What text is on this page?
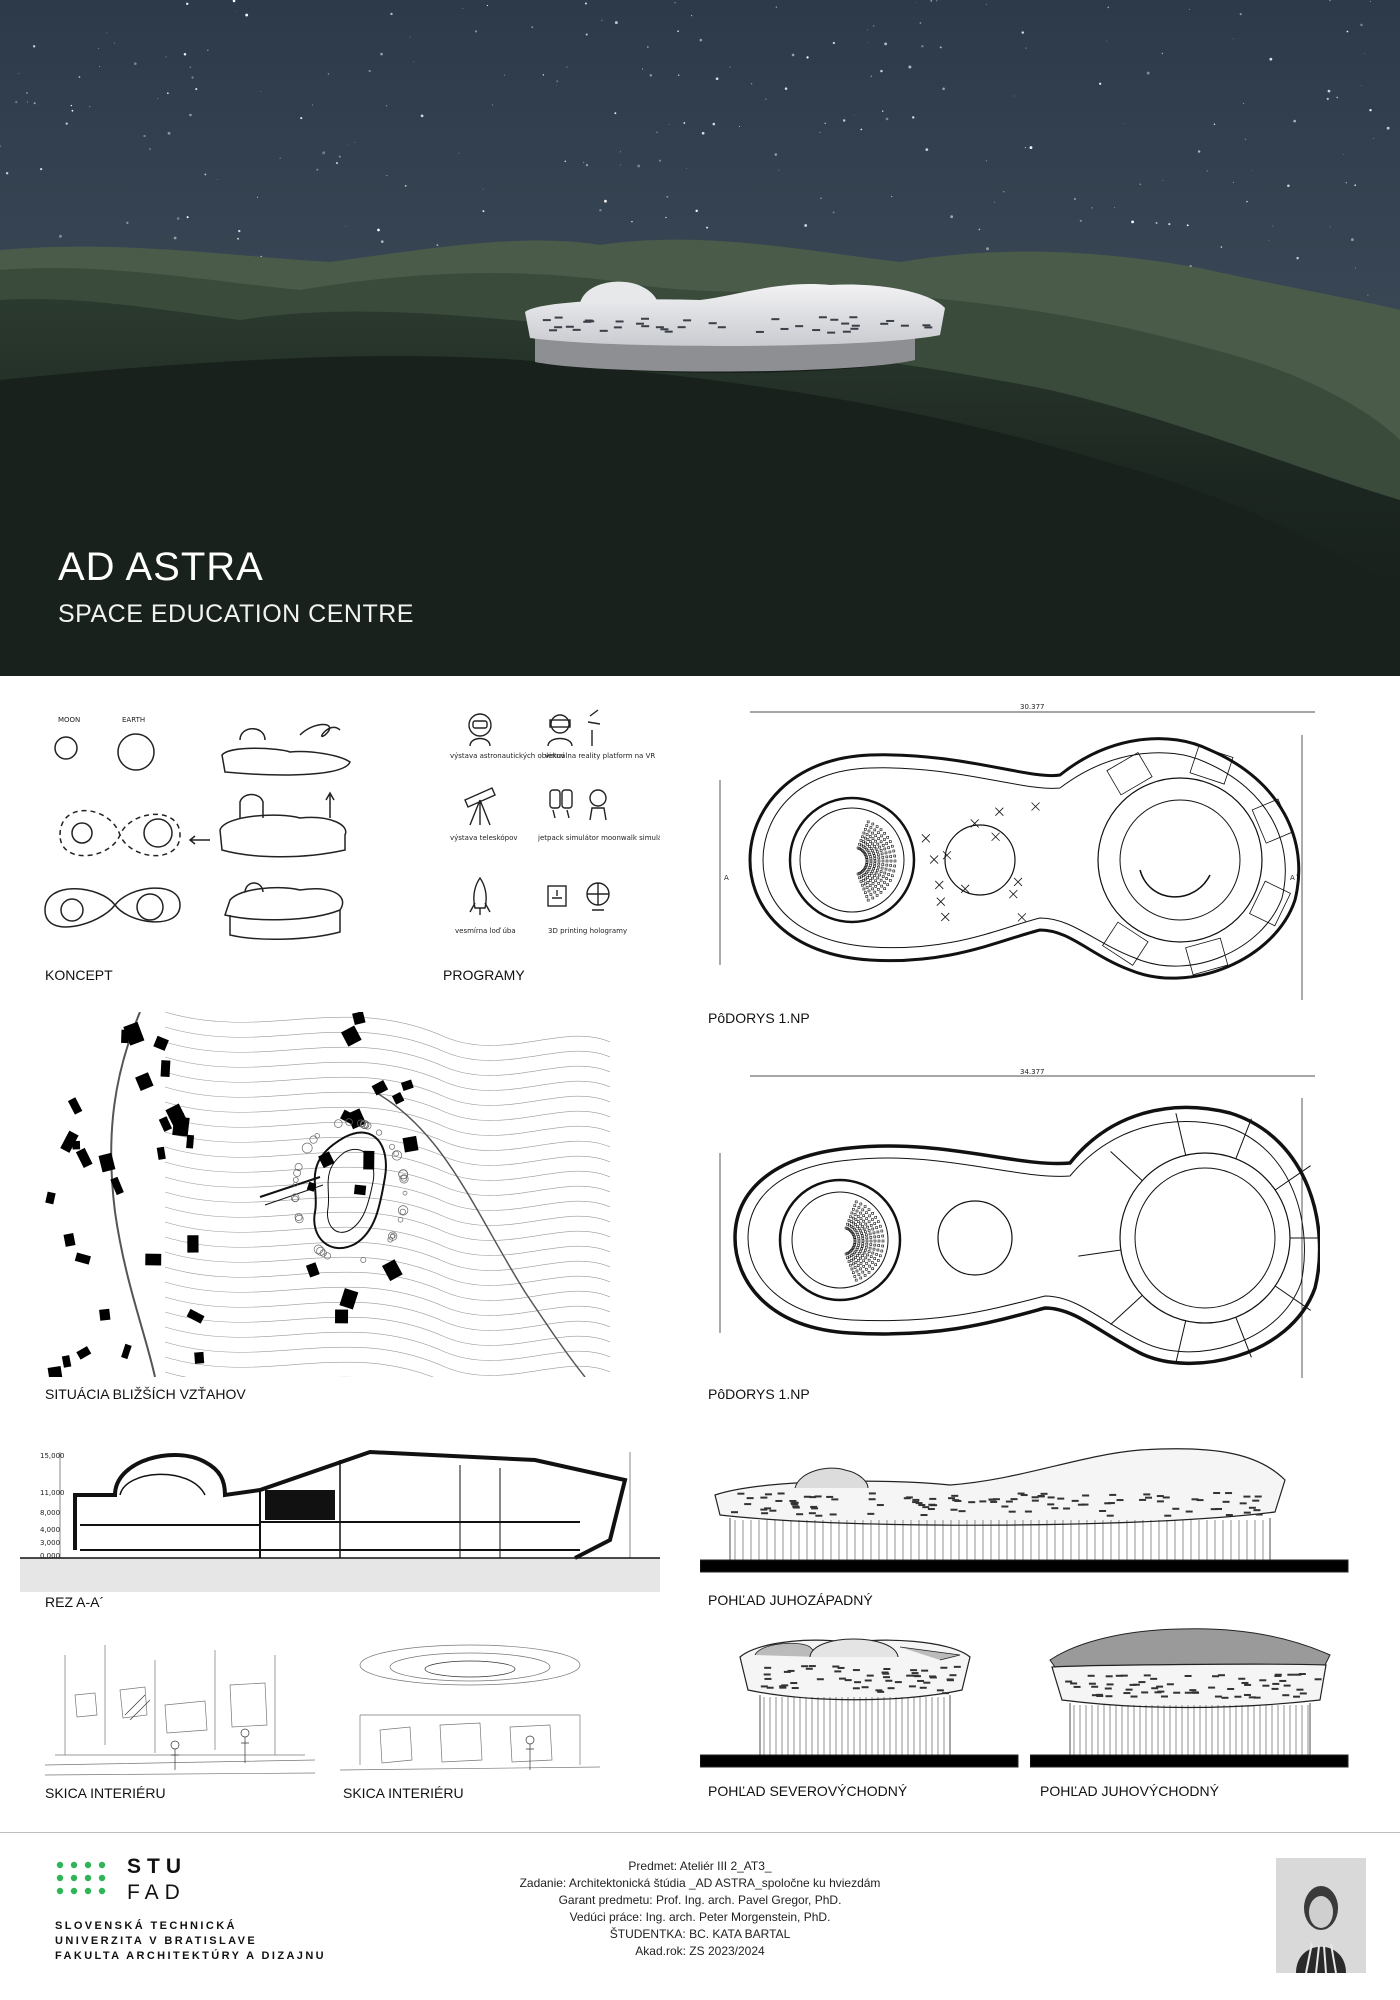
AD ASTRA
SPACE EDUCATION CENTRE
MOON	EARTH
KONCEPT
výstava astronautických oblekov
virtuálna reality platform na VR
výstava teleskópov	jetpack simulátor moonwalk simulátor
vesmírna loď úba	3D printing hologramy
PROGRAMY
30.377
A	A´
PôDORYS 1.NP
SITUÁCIA BLIŽŠÍCH VZŤAHOV
34.377
PôDORYS 1.NP
15,000
11,000
8,000
4,000
3,000
0,000
REZ A-A´	POHĽAD JUHOZÁPADNÝ
SKICA INTERIÉRU	SKICA INTERIÉRU	POHĽAD SEVEROVÝCHODNÝ	POHĽAD JUHOVÝCHODNÝ
STU
FAD
SLOVENSKÁ TECHNICKÁ
UNIVERZITA V BRATISLAVE
FAKULTA ARCHITEKTÚRY A DIZAJNU
Predmet: Ateliér III 2_AT3_
Zadanie: Architektonická štúdia _AD ASTRA_spoločne ku hviezdám
Garant predmetu: Prof. Ing. arch. Pavel Gregor, PhD.
Vedúci práce: Ing. arch. Peter Morgenstein, PhD.
ŠTUDENTKA: BC. KATA BARTAL
Akad.rok: ZS 2023/2024
